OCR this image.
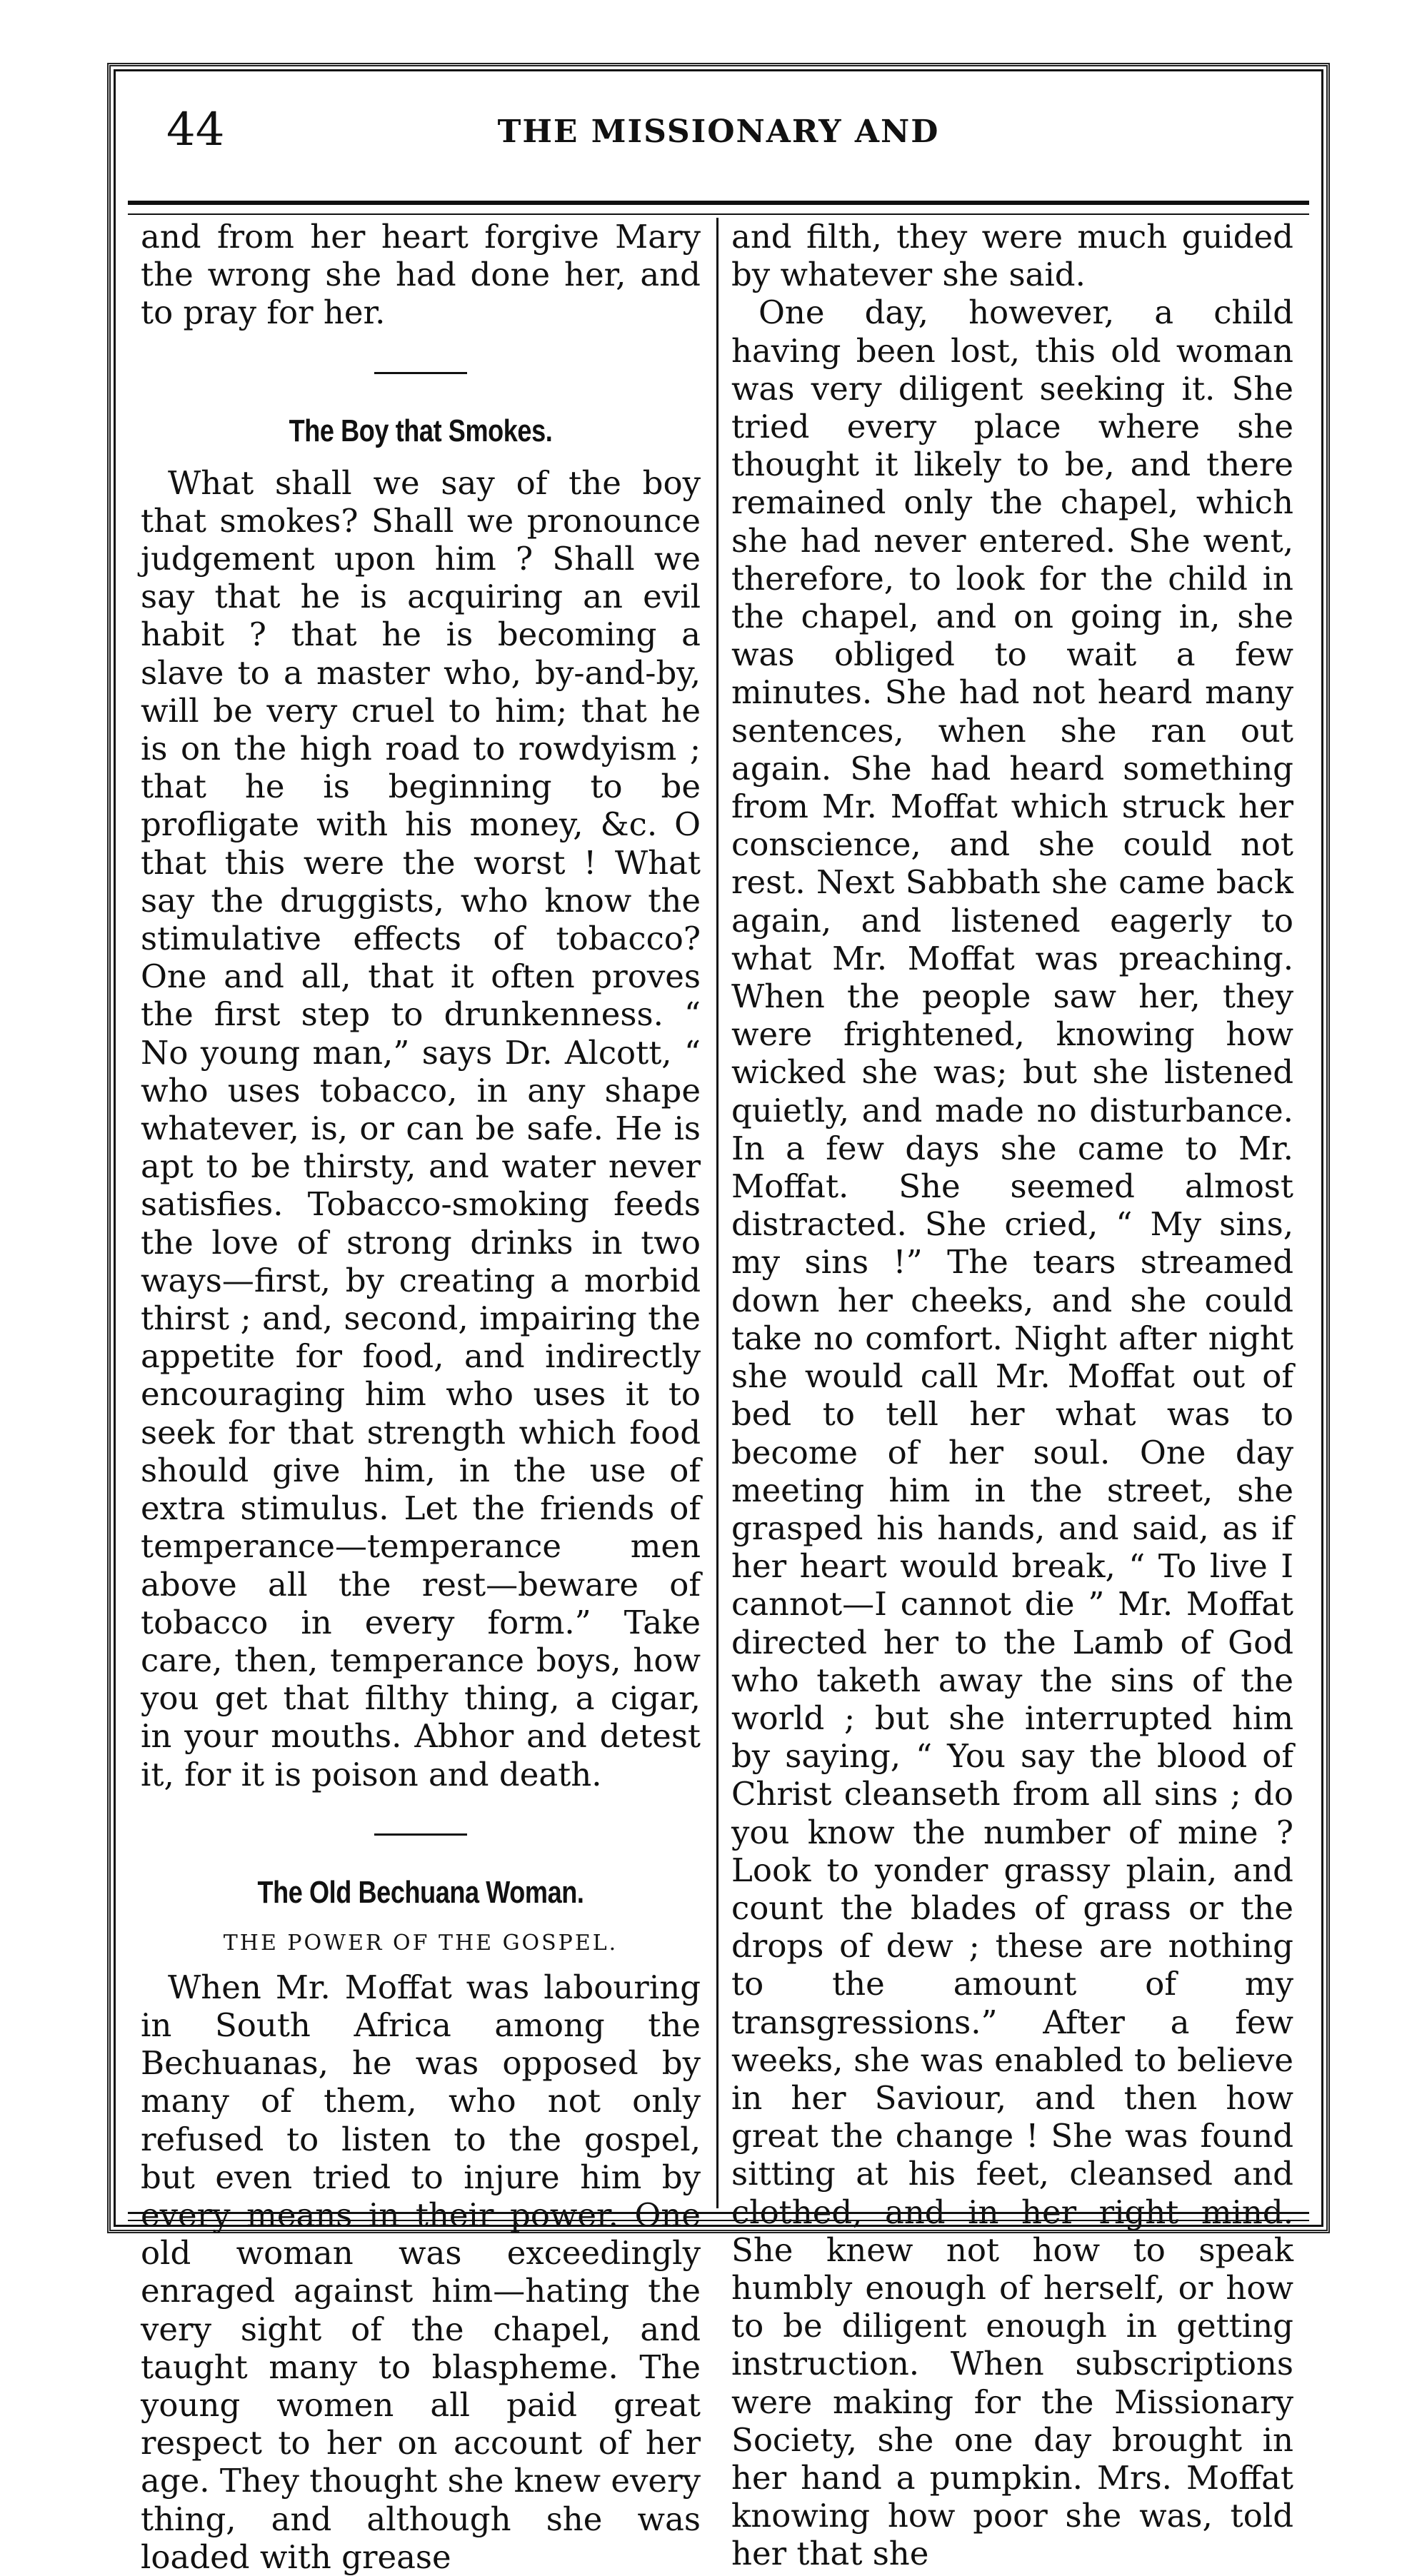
44	THE MISSIONARY AND

and from her heart forgive Mary the wrong she had done her, and to pray for her.

The Boy that Smokes.

What shall we say of the boy that smokes? Shall we pronounce judgement upon him ? Shall we say that he is acquiring an evil habit ? that he is becoming a slave to a master who, by-and-by, will be very cruel to him; that he is on the high road to rowdyism ; that he is beginning to be profligate with his money, &c. O that this were the worst ! What say the druggists, who know the stimulative effects of tobacco? One and all, that it often proves the first step to drunkenness. “ No young man,” says Dr. Alcott, “ who uses tobacco, in any shape whatever, is, or can be safe. He is apt to be thirsty, and water never satisfies. Tobacco-smoking feeds the love of strong drinks in two ways—first, by creating a morbid thirst ; and, second, impairing the appetite for food, and indirectly encouraging him who uses it to seek for that strength which food should give him, in the use of extra stimulus. Let the friends of temperance—temperance men above all the rest—beware of tobacco in every form.” Take care, then, temperance boys, how you get that filthy thing, a cigar, in your mouths. Abhor and detest it, for it is poison and death.

The Old Bechuana Woman.
THE POWER OF THE GOSPEL.

When Mr. Moffat was labouring in South Africa among the Bechuanas, he was opposed by many of them, who not only refused to listen to the gospel, but even tried to injure him by every means in their power. One old woman was exceedingly enraged against him—hating the very sight of the chapel, and taught many to blaspheme. The young women all paid great respect to her on account of her age. They thought she knew every thing, and although she was loaded with grease

and filth, they were much guided by whatever she said.

One day, however, a child having been lost, this old woman was very diligent seeking it. She tried every place where she thought it likely to be, and there remained only the chapel, which she had never entered. She went, therefore, to look for the child in the chapel, and on going in, she was obliged to wait a few minutes. She had not heard many sentences, when she ran out again. She had heard something from Mr. Moffat which struck her conscience, and she could not rest. Next Sabbath she came back again, and listened eagerly to what Mr. Moffat was preaching. When the people saw her, they were frightened, knowing how wicked she was; but she listened quietly, and made no disturbance. In a few days she came to Mr. Moffat. She seemed almost distracted. She cried, “ My sins, my sins !” The tears streamed down her cheeks, and she could take no comfort. Night after night she would call Mr. Moffat out of bed to tell her what was to become of her soul. One day meeting him in the street, she grasped his hands, and said, as if her heart would break, “ To live I cannot—I cannot die ” Mr. Moffat directed her to the Lamb of God who taketh away the sins of the world ; but she interrupted him by saying, “ You say the blood of Christ cleanseth from all sins ; do you know the number of mine ? Look to yonder grassy plain, and count the blades of grass or the drops of dew ; these are nothing to the amount of my transgressions.” After a few weeks, she was enabled to believe in her Saviour, and then how great the change ! She was found sitting at his feet, cleansed and clothed, and in her right mind. She knew not how to speak humbly enough of herself, or how to be diligent enough in getting instruction. When subscriptions were making for the Missionary Society, she one day brought in her hand a pumpkin. Mrs. Moffat knowing how poor she was, told her that she
